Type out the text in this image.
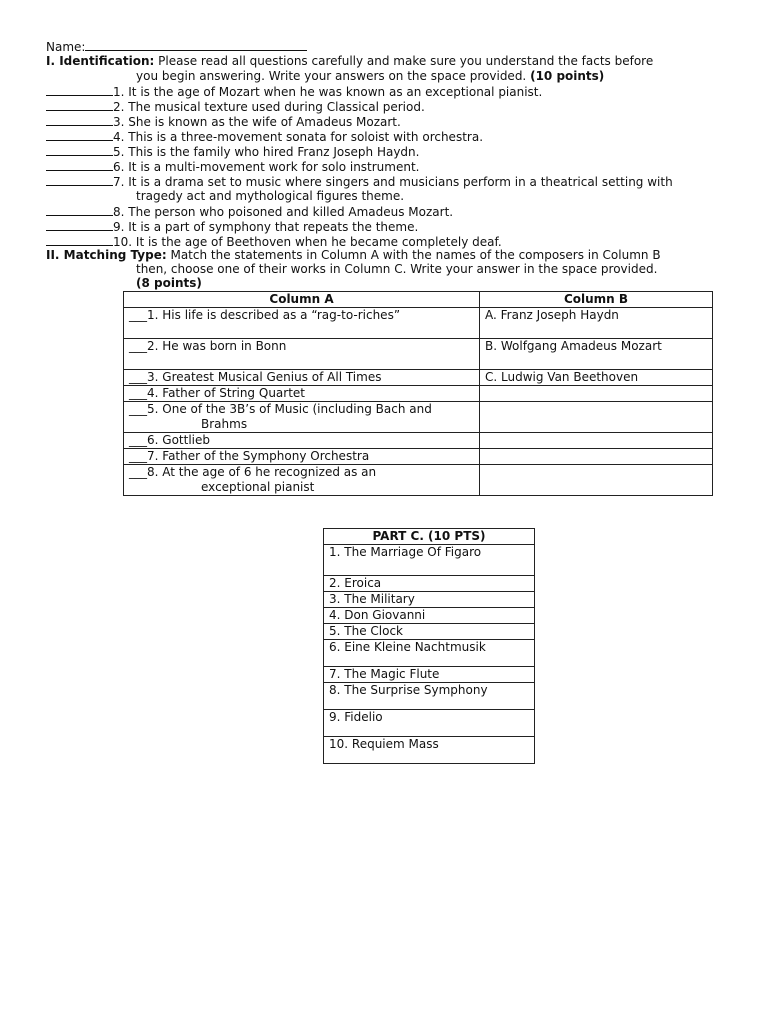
Name:
I. Identification: Please read all questions carefully and make sure you understand the facts before
you begin answering. Write your answers on the space provided. (10 points)
1. It is the age of Mozart when he was known as an exceptional pianist.
2. The musical texture used during Classical period.
3. She is known as the wife of Amadeus Mozart.
4. This is a three-movement sonata for soloist with orchestra.
5. This is the family who hired Franz Joseph Haydn.
6. It is a multi-movement work for solo instrument.
7. It is a drama set to music where singers and musicians perform in a theatrical setting with
tragedy act and mythological figures theme.
8. The person who poisoned and killed Amadeus Mozart.
9. It is a part of symphony that repeats the theme.
10. It is the age of Beethoven when he became completely deaf.
II. Matching Type: Match the statements in Column A with the names of the composers in Column B
then, choose one of their works in Column C. Write your answer in the space provided.
(8 points)
Column A	Column B
___1. His life is described as a “rag-to-riches”	A. Franz Joseph Haydn
___2. He was born in Bonn	B. Wolfgang Amadeus Mozart
___3. Greatest Musical Genius of All Times	C. Ludwig Van Beethoven
___4. Father of String Quartet	
___5. One of the 3B’s of Music (including Bach and
Brahms	
___6. Gottlieb	
___7. Father of the Symphony Orchestra	
___8. At the age of 6 he recognized as an
exceptional pianist	
PART C. (10 PTS)
1. The Marriage Of Figaro
2. Eroica
3. The Military
4. Don Giovanni
5. The Clock
6. Eine Kleine Nachtmusik
7. The Magic Flute
8. The Surprise Symphony
9. Fidelio
10. Requiem Mass
